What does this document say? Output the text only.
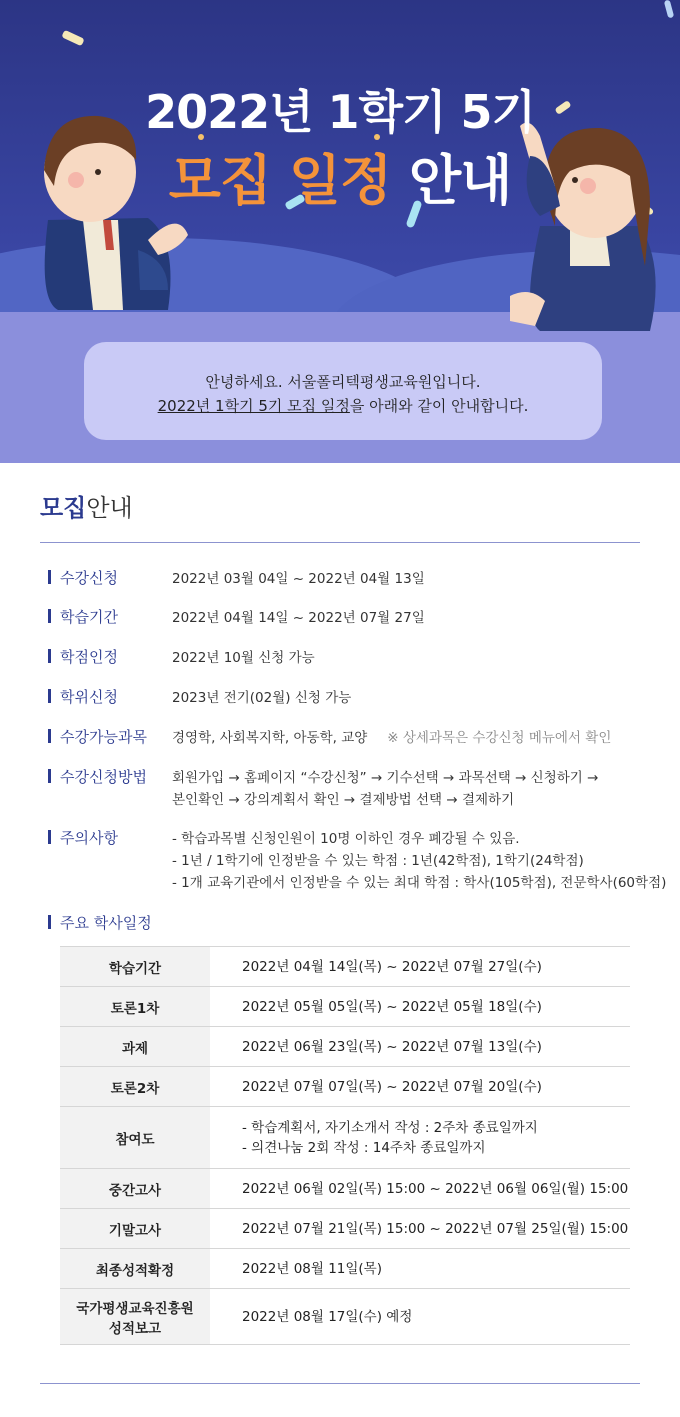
2022년 1학기 5기
모집 일정 안내
안녕하세요. 서울폴리텍평생교육원입니다.
2022년 1학기 5기 모집 일정을 아래와 같이 안내합니다.
모집안내
수강신청	2022년 03월 04일 ~ 2022년 04월 13일
학습기간	2022년 04월 14일 ~ 2022년 07월 27일
학점인정	2022년 10월 신청 가능
학위신청	2023년 전기(02월) 신청 가능
수강가능과목 경영학, 사회복지학, 아동학, 교양 ※ 상세과목은 수강신청 메뉴에서 확인
수강신청방법 회원가입 → 홈페이지 “수강신청” → 기수선택 → 과목선택 → 신청하기 →
본인확인 → 강의계획서 확인 → 결제방법 선택 → 결제하기
주의사항	- 학습과목별 신청인원이 10명 이하인 경우 폐강될 수 있음.
- 1년 / 1학기에 인정받을 수 있는 학점 : 1년(42학점), 1학기(24학점)
- 1개 교육기관에서 인정받을 수 있는 최대 학점 : 학사(105학점), 전문학사(60학점)
주요 학사일정
학습기간	2022년 04월 14일(목) ~ 2022년 07월 27일(수)
토론1차	2022년 05월 05일(목) ~ 2022년 05월 18일(수)
과제	2022년 06월 23일(목) ~ 2022년 07월 13일(수)
토론2차	2022년 07월 07일(목) ~ 2022년 07월 20일(수)
참여도	- 학습계획서, 자기소개서 작성 : 2주차 종료일까지
- 의견나눔 2회 작성 : 14주차 종료일까지

중간고사	2022년 06월 02일(목) 15:00 ~ 2022년 06월 06일(월) 15:00
기말고사	2022년 07월 21일(목) 15:00 ~ 2022년 07월 25일(월) 15:00
최종성적확정	2022년 08월 11일(목)

국가평생교육진흥원
성적보고	2022년 08월 17일(수) 예정
